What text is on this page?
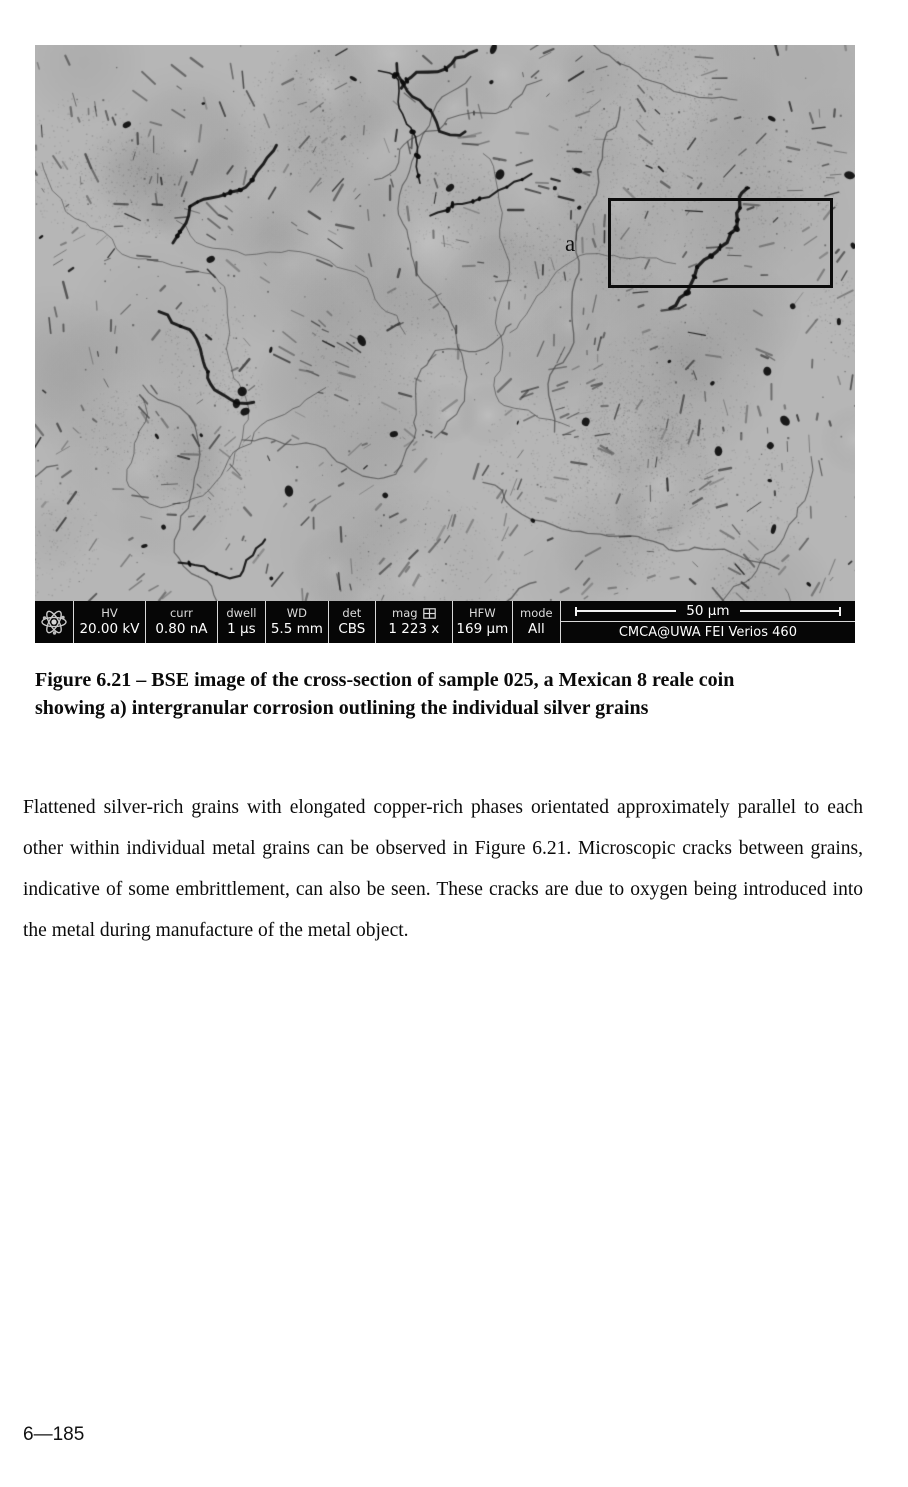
a
HV
20.00 kV
curr
0.80 nA
dwell
1 µs
WD
5.5 mm
det
CBS
mag
1 223 x
HFW
169 µm
mode
All
50 µm
CMCA@UWA FEI Verios 460
Figure 6.21 – BSE image of the cross-section of sample 025, a Mexican 8 reale coin
showing a) intergranular corrosion outlining the individual silver grains

Flattened silver-rich grains with elongated copper-rich phases orientated approximately parallel to each other within individual metal grains can be observed in Figure 6.21. Microscopic cracks between grains, indicative of some embrittlement, can also be seen. These cracks are due to oxygen being introduced into the metal during manufacture of the metal object.

6—185
